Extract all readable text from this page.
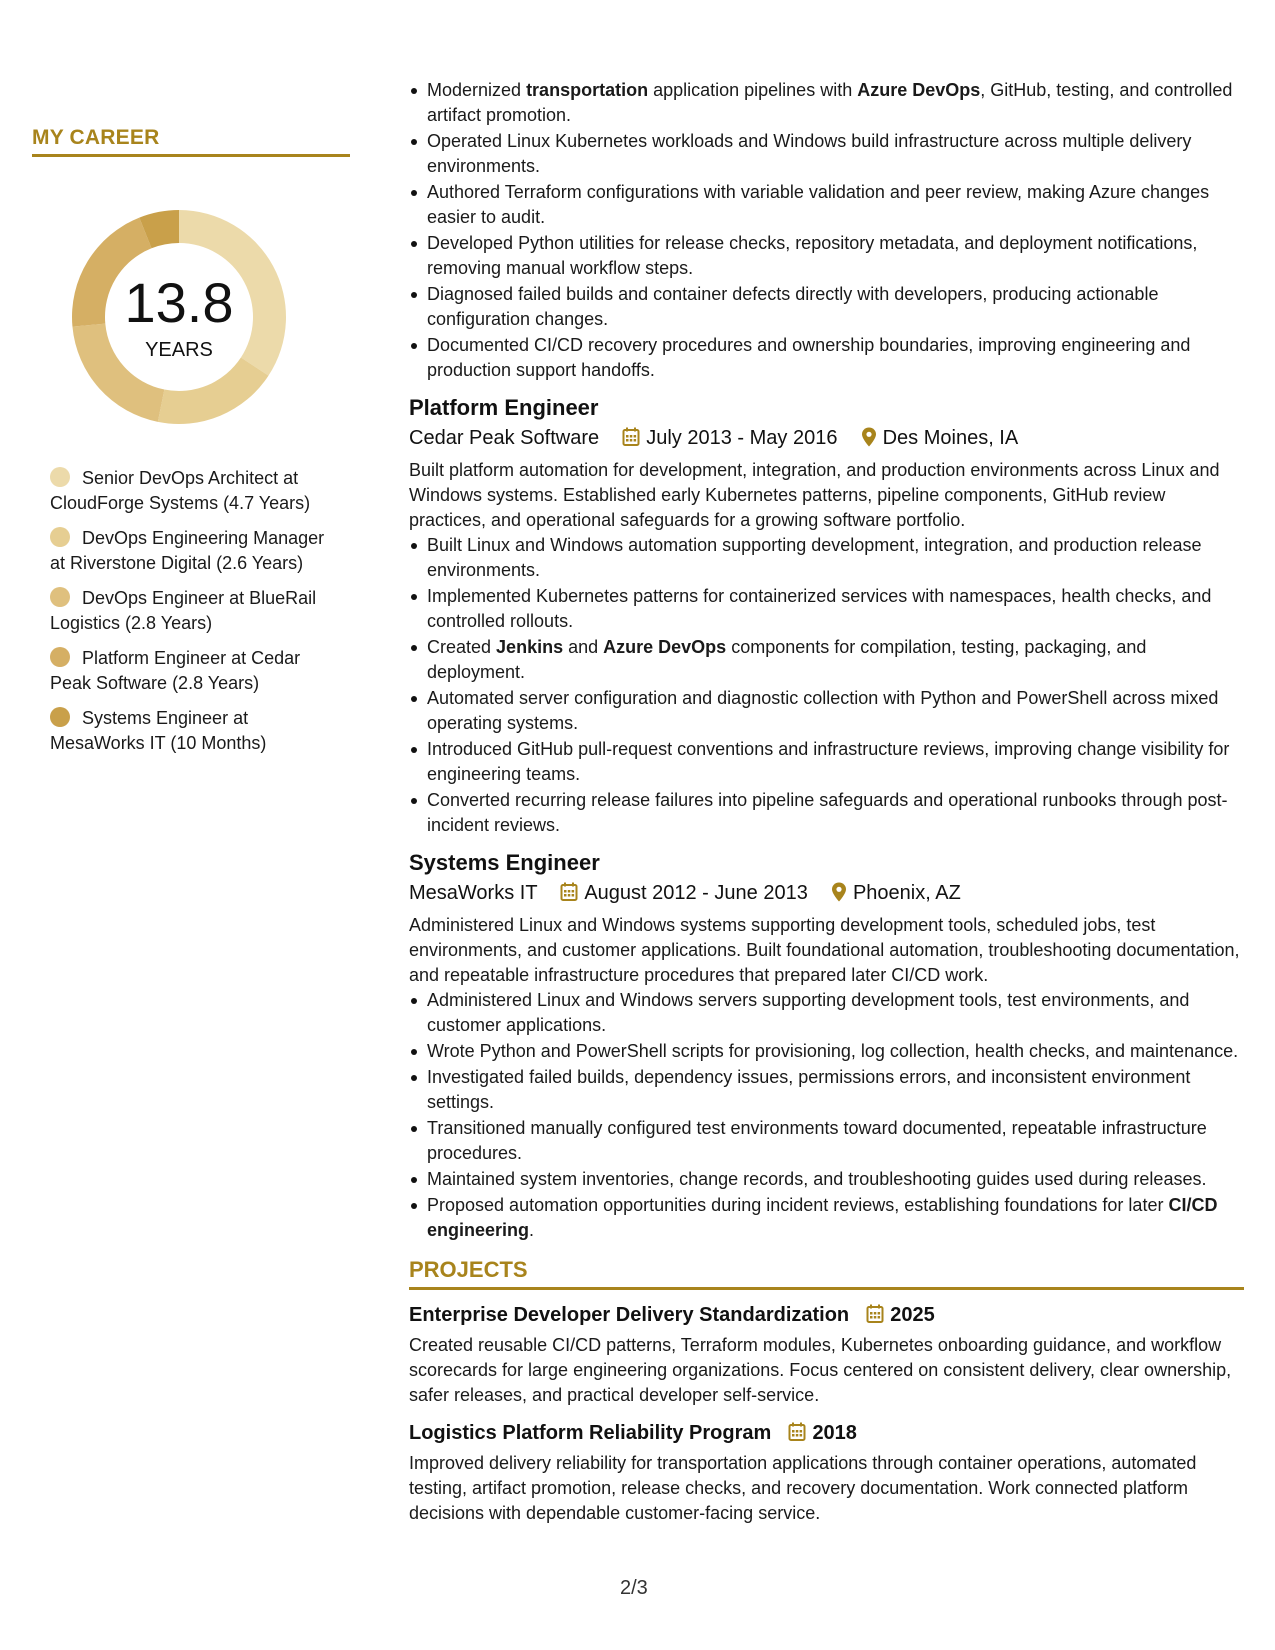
MY CAREER
13.8
YEARS
Senior DevOps Architect at CloudForge Systems (4.7 Years)
DevOps Engineering Manager at Riverstone Digital (2.6 Years)
DevOps Engineer at BlueRail Logistics (2.8 Years)
Platform Engineer at Cedar Peak Software (2.8 Years)
Systems Engineer at MesaWorks IT (10 Months)
Modernized transportation application pipelines with Azure DevOps, GitHub, testing, and controlled artifact promotion.
Operated Linux Kubernetes workloads and Windows build infrastructure across multiple delivery environments.
Authored Terraform configurations with variable validation and peer review, making Azure changes easier to audit.
Developed Python utilities for release checks, repository metadata, and deployment notifications, removing manual workflow steps.
Diagnosed failed builds and container defects directly with developers, producing actionable configuration changes.
Documented CI/CD recovery procedures and ownership boundaries, improving engineering and production support handoffs.
Platform Engineer
Cedar Peak Software July 2013 - May 2016 Des Moines, IA

Built platform automation for development, integration, and production environments across Linux and Windows systems. Established early Kubernetes patterns, pipeline components, GitHub review practices, and operational safeguards for a growing software portfolio.

Built Linux and Windows automation supporting development, integration, and production release environments.
Implemented Kubernetes patterns for containerized services with namespaces, health checks, and controlled rollouts.
Created Jenkins and Azure DevOps components for compilation, testing, packaging, and deployment.
Automated server configuration and diagnostic collection with Python and PowerShell across mixed operating systems.
Introduced GitHub pull-request conventions and infrastructure reviews, improving change visibility for engineering teams.
Converted recurring release failures into pipeline safeguards and operational runbooks through post-incident reviews.
Systems Engineer
MesaWorks IT August 2012 - June 2013 Phoenix, AZ

Administered Linux and Windows systems supporting development tools, scheduled jobs, test environments, and customer applications. Built foundational automation, troubleshooting documentation, and repeatable infrastructure procedures that prepared later CI/CD work.

Administered Linux and Windows servers supporting development tools, test environments, and customer applications.
Wrote Python and PowerShell scripts for provisioning, log collection, health checks, and maintenance.
Investigated failed builds, dependency issues, permissions errors, and inconsistent environment settings.
Transitioned manually configured test environments toward documented, repeatable infrastructure procedures.
Maintained system inventories, change records, and troubleshooting guides used during releases.
Proposed automation opportunities during incident reviews, establishing foundations for later CI/CD engineering.
PROJECTS
Enterprise Developer Delivery Standardization 2025

Created reusable CI/CD patterns, Terraform modules, Kubernetes onboarding guidance, and workflow scorecards for large engineering organizations. Focus centered on consistent delivery, clear ownership, safer releases, and practical developer self-service.

Logistics Platform Reliability Program 2018

Improved delivery reliability for transportation applications through container operations, automated testing, artifact promotion, release checks, and recovery documentation. Work connected platform decisions with dependable customer-facing service.

2/3
